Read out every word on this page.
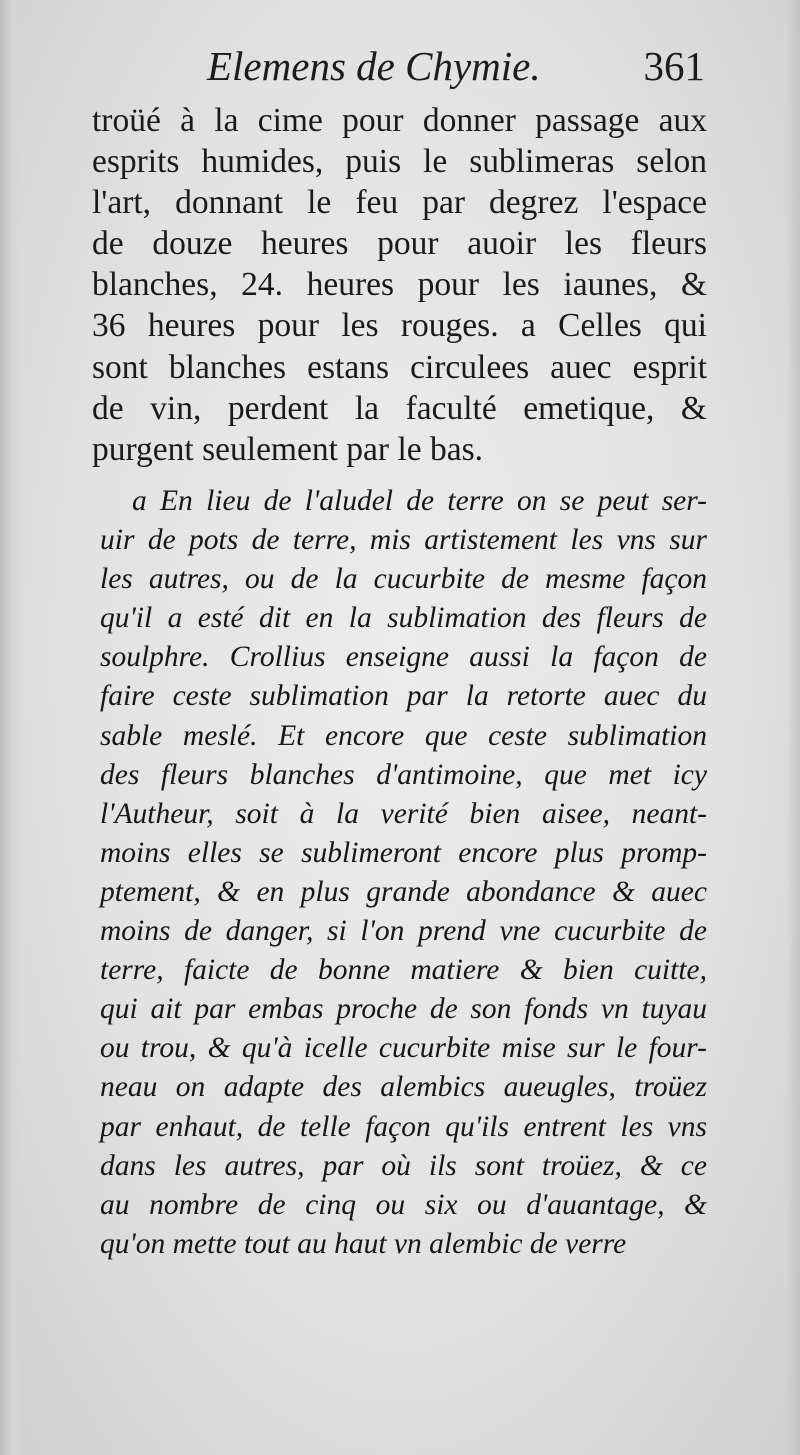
Elemens de Chymie.	361
troüé à la cime pour donner passage aux
esprits humides, puis le sublimeras selon
l'art, donnant le feu par degrez l'espace
de douze heures pour auoir les fleurs
blanches, 24. heures pour les iaunes, &
36 heures pour les rouges. a Celles qui
sont blanches estans circulees auec esprit
de vin, perdent la faculté emetique, &
purgent seulement par le bas.
a En lieu de l'aludel de terre on se peut ser-
uir de pots de terre, mis artistement les vns sur
les autres, ou de la cucurbite de mesme façon
qu'il a esté dit en la sublimation des fleurs de
soulphre. Crollius enseigne aussi la façon de
faire ceste sublimation par la retorte auec du
sable meslé. Et encore que ceste sublimation
des fleurs blanches d'antimoine, que met icy
l'Autheur, soit à la verité bien aisee, neant-
moins elles se sublimeront encore plus promp-
ptement, & en plus grande abondance & auec
moins de danger, si l'on prend vne cucurbite de
terre, faicte de bonne matiere & bien cuitte,
qui ait par embas proche de son fonds vn tuyau
ou trou, & qu'à icelle cucurbite mise sur le four-
neau on adapte des alembics aueugles, troüez
par enhaut, de telle façon qu'ils entrent les vns
dans les autres, par où ils sont troüez, & ce
au nombre de cinq ou six ou d'auantage, &
qu'on mette tout au haut vn alembic de verre
